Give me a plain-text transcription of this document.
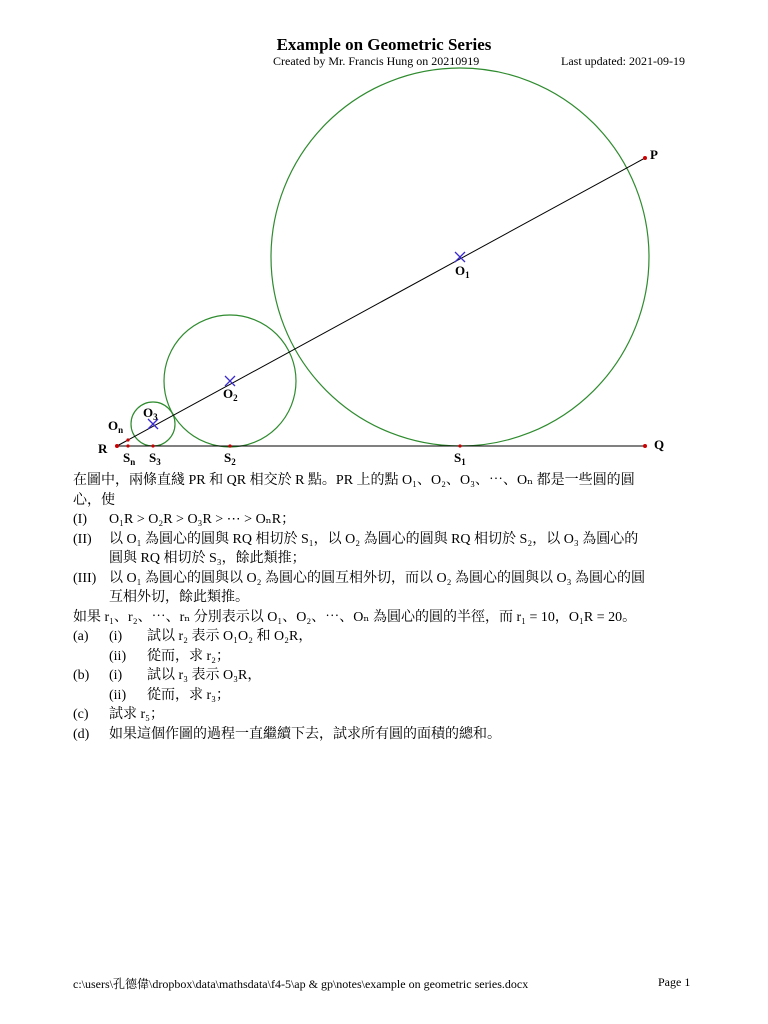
Example on Geometric Series
Created by Mr. Francis Hung on 20210919	Last updated: 2021-09-19
P
Q
R
$O_1$
$O_2$
$O_3$
$O_n$
$S_1$
$S_2$
$S_3$
$S_n$

在圖中，兩條直綫 PR 和 QR 相交於 R 點。PR 上的點 O₁、O₂、O₃、⋯、Oₙ 都是一些圓的圓

心，使

(I)	O₁R > O₂R > O₃R > ⋯ > OₙR；
(II)	以 O₁ 為圓心的圓與 RQ 相切於 S₁，以 O₂ 為圓心的圓與 RQ 相切於 S₂，以 O₃ 為圓心的
圓與 RQ 相切於 S₃，餘此類推；
(III) 以 O₁ 為圓心的圓與以 O₂ 為圓心的圓互相外切，而以 O₂ 為圓心的圓與以 O₃ 為圓心的圓
互相外切，餘此類推。

如果 r₁、r₂、⋯、rₙ 分別表示以 O₁、O₂、⋯、Oₙ 為圓心的圓的半徑，而 r₁ = 10，O₁R = 20。

(a)	(i)	試以 r₂ 表示 O₁O₂ 和 O₂R，
(ii)	從而，求 r₂；
(b)	(i)	試以 r₃ 表示 O₃R，
(ii)	從而，求 r₃；
(c)	試求 r₅；
(d)	如果這個作圖的過程一直繼續下去，試求所有圓的面積的總和。
c:\users\孔德偉\dropbox\data\mathsdata\f4-5\ap & gp\notes\example on geometric series.docx	Page 1
